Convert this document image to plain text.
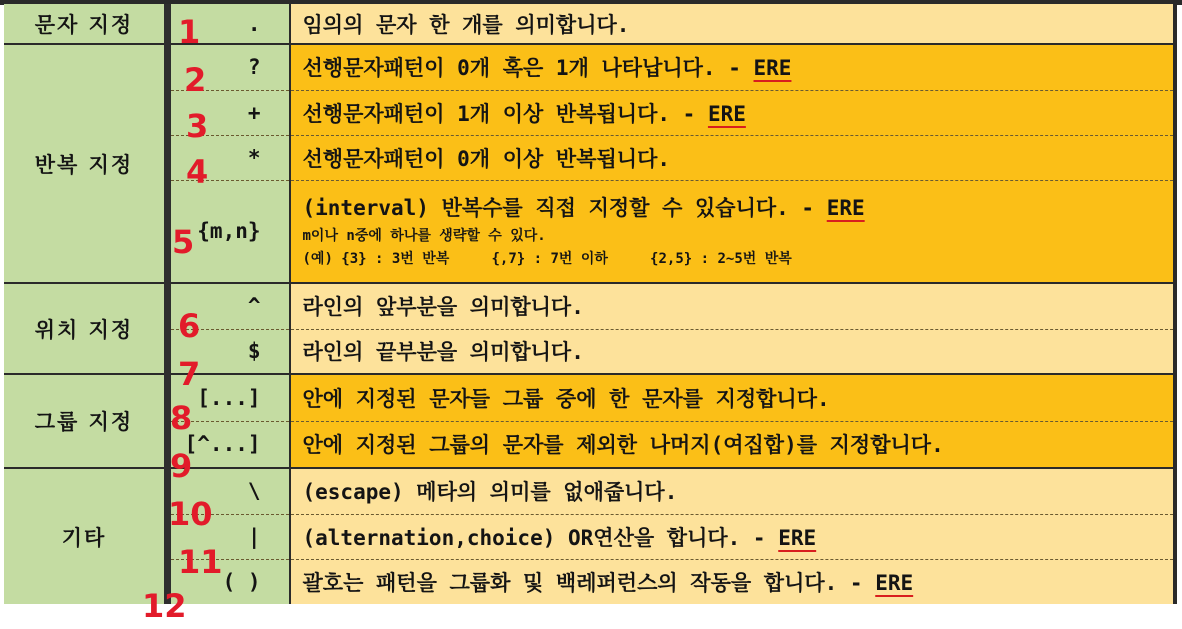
문자 지정	.	임의의 문자 한 개를 의미합니다.
반복 지정	?	선행문자패턴이 0개 혹은 1개 나타납니다. - ERE
	+	선행문자패턴이 1개 이상 반복됩니다. - ERE
	*	선행문자패턴이 0개 이상 반복됩니다.
	{m,n}	(interval) 반복수를 직접 지정할 수 있습니다. - ERE
m이나 n중에 하나를 생략할 수 있다.
(예) {3} : 3번 반복     {,7} : 7번 이하     {2,5} : 2~5번 반복

위치 지정	^	라인의 앞부분을 의미합니다.
	$	라인의 끝부분을 의미합니다.
그룹 지정	[...]	안에 지정된 문자들 그룹 중에 한 문자를 지정합니다.
	[^...]	안에 지정된 그룹의 문자를 제외한 나머지(여집합)를 지정합니다.
기타	\	(escape) 메타의 의미를 없애줍니다.
	|	(alternation,choice) OR연산을 합니다. - ERE
	( )	괄호는 패턴을 그룹화 및 백레퍼런스의 작동을 합니다. - ERE
1
2
3
4
5
6
7
8
9
10
11
12
